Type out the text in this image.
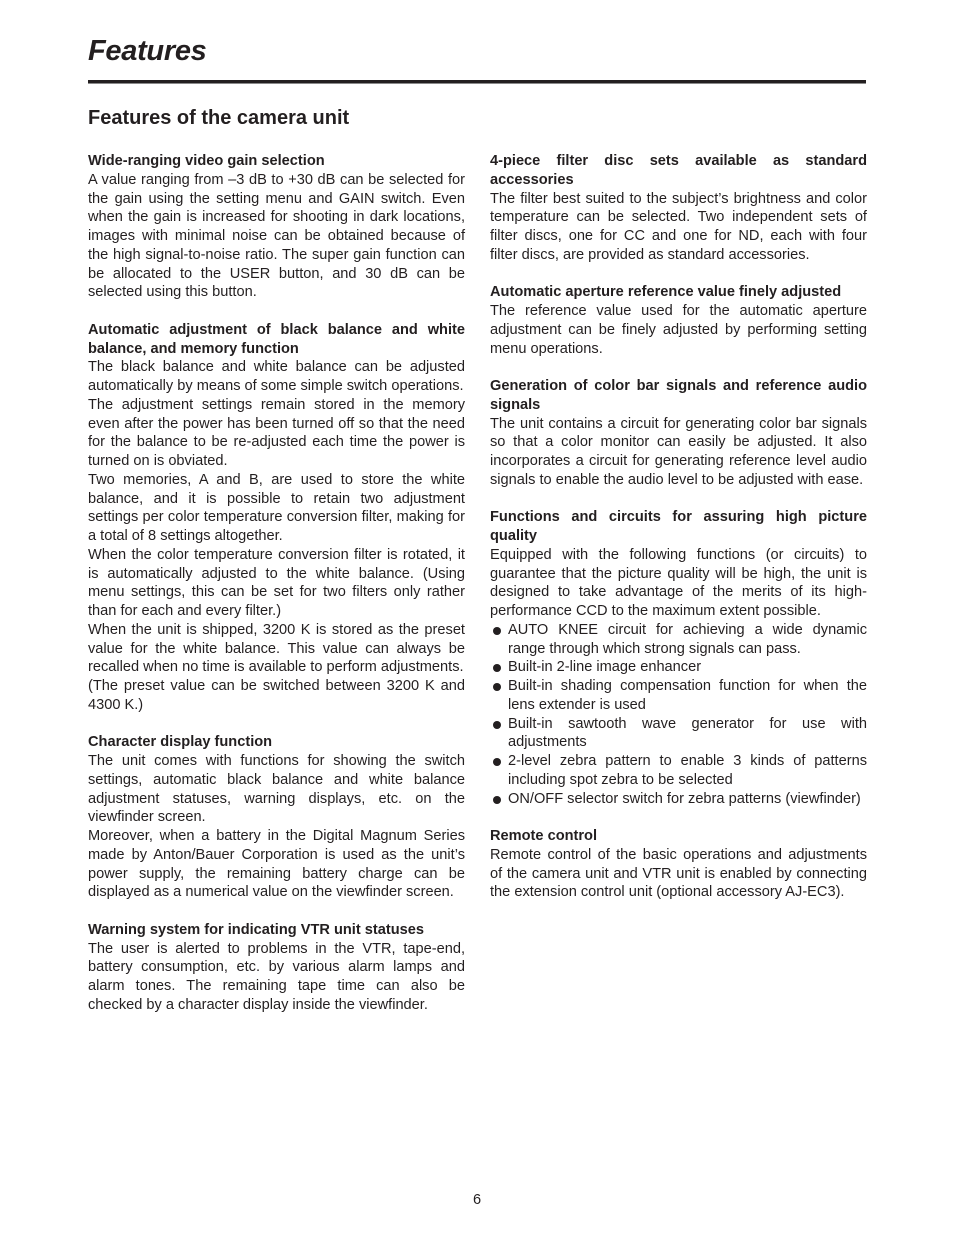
Features
Features of the camera unit

Wide-ranging video gain selection

A value ranging from –3 dB to +30 dB can be selected for the gain using the setting menu and GAIN switch. Even when the gain is increased for shooting in dark locations, images with minimal noise can be obtained because of the high signal-to-noise ratio. The super gain function can be allocated to the USER button, and 30 dB can be selected using this button.

Automatic adjustment of black balance and white balance, and memory function

The black balance and white balance can be adjusted automatically by means of some simple switch operations.

The adjustment settings remain stored in the memory even after the power has been turned off so that the need for the balance to be re-adjusted each time the power is turned on is obviated.

Two memories, A and B, are used to store the white balance, and it is possible to retain two adjustment settings per color temperature conversion filter, making for a total of 8 settings altogether.

When the color temperature conversion filter is rotated, it is automatically adjusted to the white balance. (Using menu settings, this can be set for two filters only rather than for each and every filter.)

When the unit is shipped, 3200 K is stored as the preset value for the white balance. This value can always be recalled when no time is available to perform adjustments.

(The preset value can be switched between 3200 K and 4300 K.)

Character display function

The unit comes with functions for showing the switch settings, automatic black balance and white balance adjustment statuses, warning displays, etc. on the viewfinder screen.

Moreover, when a battery in the Digital Magnum Series made by Anton/Bauer Corporation is used as the unit’s power supply, the remaining battery charge can be displayed as a numerical value on the viewfinder screen.

Warning system for indicating VTR unit statuses

The user is alerted to problems in the VTR, tape-end, battery consumption, etc. by various alarm lamps and alarm tones. The remaining tape time can also be checked by a character display inside the viewfinder.

4-piece filter disc sets available as standard accessories

The filter best suited to the subject’s brightness and color temperature can be selected. Two independent sets of filter discs, one for CC and one for ND, each with four filter discs, are provided as standard accessories.

Automatic aperture reference value finely adjusted

The reference value used for the automatic aperture adjustment can be finely adjusted by performing setting menu operations.

Generation of color bar signals and reference audio signals

The unit contains a circuit for generating color bar signals so that a color monitor can easily be adjusted. It also incorporates a circuit for generating reference level audio signals to enable the audio level to be adjusted with ease.

Functions and circuits for assuring high picture quality

Equipped with the following functions (or circuits) to guarantee that the picture quality will be high, the unit is designed to take advantage of the merits of its high-performance CCD to the maximum extent possible.

AUTO KNEE circuit for achieving a wide dynamic range through which strong signals can pass.
Built-in 2-line image enhancer
Built-in shading compensation function for when the lens extender is used
Built-in sawtooth wave generator for use with adjustments
2-level zebra pattern to enable 3 kinds of patterns including spot zebra to be selected
ON/OFF selector switch for zebra patterns (viewfinder)

Remote control

Remote control of the basic operations and adjustments of the camera unit and VTR unit is enabled by connecting the extension control unit (optional accessory AJ-EC3).

6
